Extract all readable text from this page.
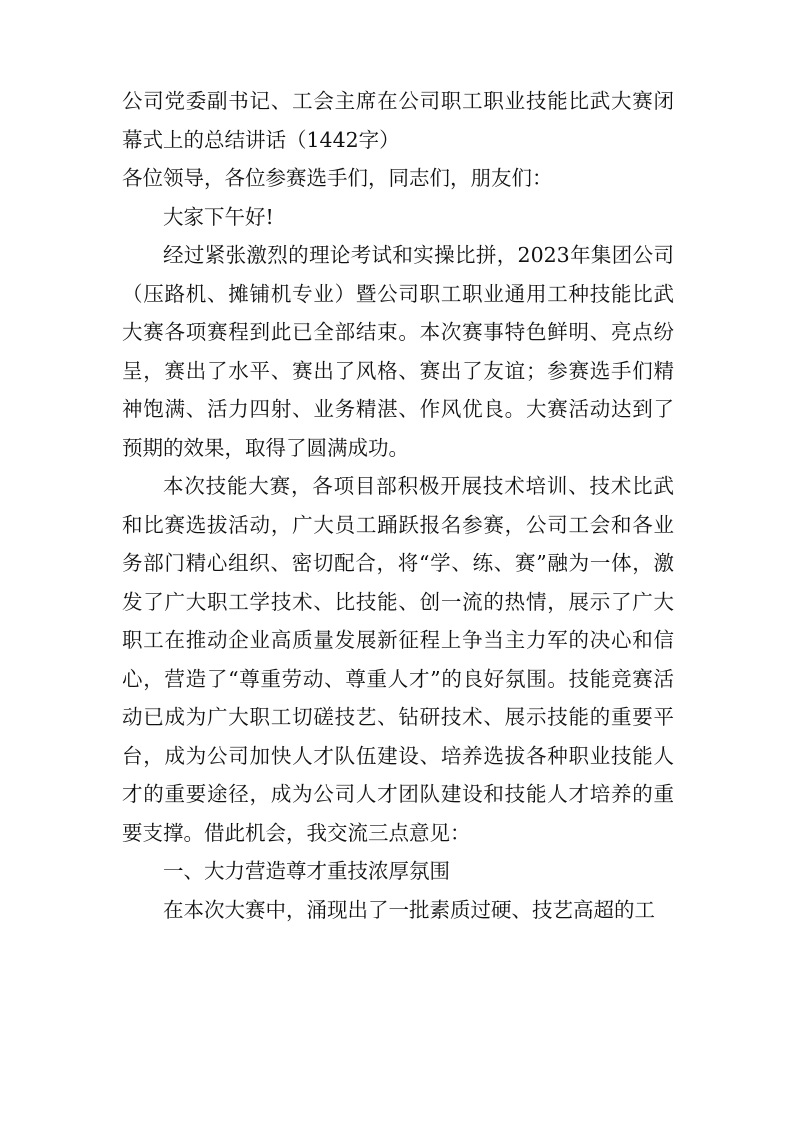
公司党委副书记、工会主席在公司职工职业技能比武大赛闭幕式上的总结讲话（1442字）

各位领导，各位参赛选手们，同志们，朋友们：

大家下午好!

经过紧张激烈的理论考试和实操比拼，2023年集团公司（压路机、摊铺机专业）暨公司职工职业通用工种技能比武大赛各项赛程到此已全部结束。本次赛事特色鲜明、亮点纷呈，赛出了水平、赛出了风格、赛出了友谊；参赛选手们精神饱满、活力四射、业务精湛、作风优良。大赛活动达到了预期的效果，取得了圆满成功。

本次技能大赛，各项目部积极开展技术培训、技术比武和比赛选拔活动，广大员工踊跃报名参赛，公司工会和各业务部门精心组织、密切配合，将“学、练、赛”融为一体，激发了广大职工学技术、比技能、创一流的热情，展示了广大职工在推动企业高质量发展新征程上争当主力军的决心和信心，营造了“尊重劳动、尊重人才”的良好氛围。技能竞赛活动已成为广大职工切磋技艺、钻研技术、展示技能的重要平台，成为公司加快人才队伍建设、培养选拔各种职业技能人才的重要途径，成为公司人才团队建设和技能人才培养的重要支撑。借此机会，我交流三点意见：

一、大力营造尊才重技浓厚氛围

在本次大赛中，涌现出了一批素质过硬、技艺高超的工
